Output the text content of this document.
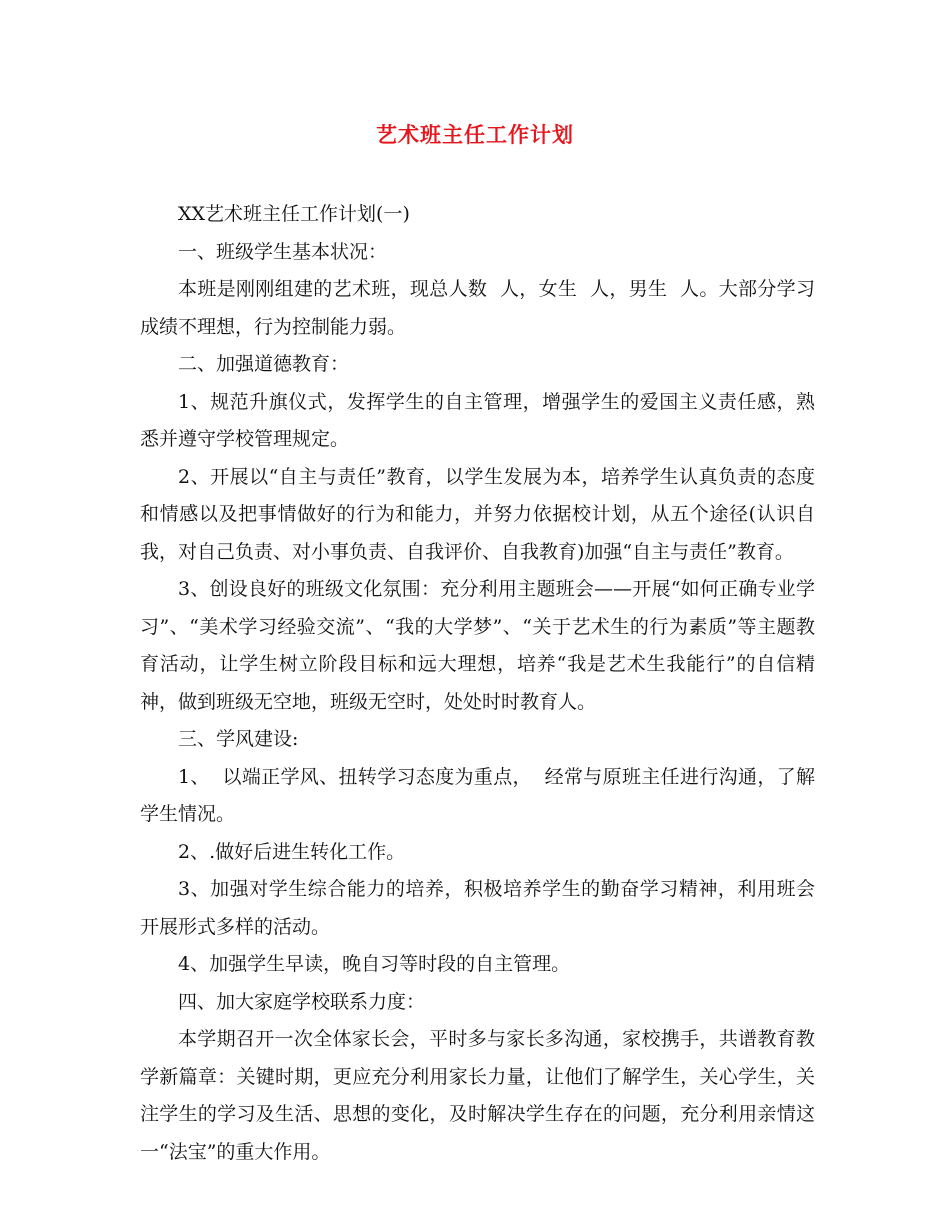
艺术班主任工作计划

XX艺术班主任工作计划(一)

一、班级学生基本状况：

本班是刚刚组建的艺术班，现总人数  人，女生  人，男生  人。大部分学习成绩不理想，行为控制能力弱。

二、加强道德教育：

1、规范升旗仪式，发挥学生的自主管理，增强学生的爱国主义责任感，熟悉并遵守学校管理规定。

2、开展以“自主与责任”教育，以学生发展为本，培养学生认真负责的态度和情感以及把事情做好的行为和能力，并努力依据校计划，从五个途径(认识自我，对自己负责、对小事负责、自我评价、自我教育)加强“自主与责任”教育。

3、创设良好的班级文化氛围：充分利用主题班会——开展“如何正确专业学习”、“美术学习经验交流”、“我的大学梦”、“关于艺术生的行为素质”等主题教育活动，让学生树立阶段目标和远大理想，培养“我是艺术生我能行”的自信精神，做到班级无空地，班级无空时，处处时时教育人。

三、学风建设:

1、  以端正学风、扭转学习态度为重点，  经常与原班主任进行沟通，了解学生情况。

2、.做好后进生转化工作。

3、加强对学生综合能力的培养，积极培养学生的勤奋学习精神，利用班会开展形式多样的活动。

4、加强学生早读，晚自习等时段的自主管理。

四、加大家庭学校联系力度：

本学期召开一次全体家长会，平时多与家长多沟通，家校携手，共谱教育教学新篇章：关键时期，更应充分利用家长力量，让他们了解学生，关心学生，关注学生的学习及生活、思想的变化，及时解决学生存在的问题，充分利用亲情这一“法宝”的重大作用。
